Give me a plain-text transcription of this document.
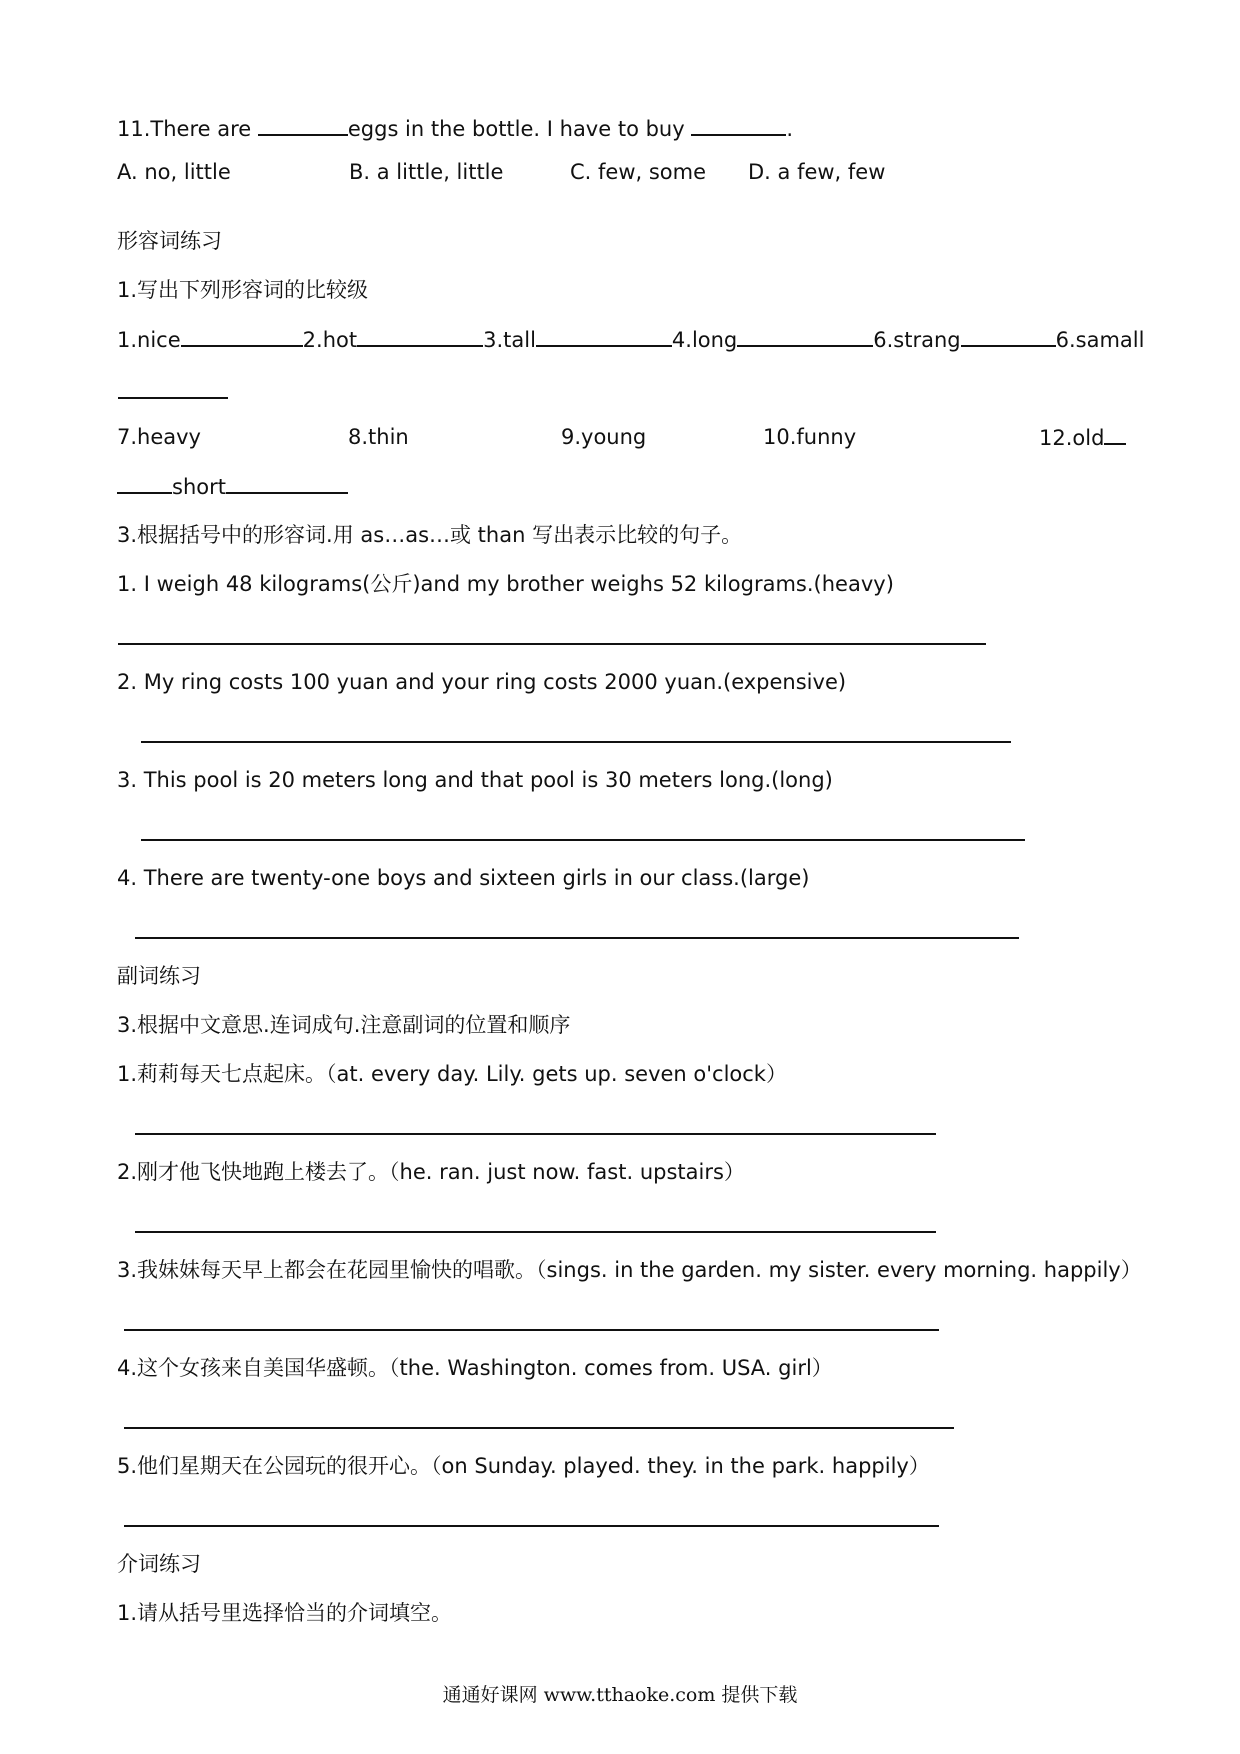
11.There are	eggs in the bottle. I have to buy	.
A. no, little	B. a little, little	C. few, some D. a few, few
形容词练习
1.写出下列形容词的比较级
1.nice	2.hot	3.tall	4.long	6.strang	6.samall
7.heavy	8.thin	9.young	10.funny	12.old
short
3.根据括号中的形容词.用 as…as…或 than 写出表示比较的句子。
1. I weigh 48 kilograms(公斤)and my brother weighs 52 kilograms.(heavy)
2. My ring costs 100 yuan and your ring costs 2000 yuan.(expensive)
3. This pool is 20 meters long and that pool is 30 meters long.(long)
4. There are twenty-one boys and sixteen girls in our class.(large)
副词练习
3.根据中文意思.连词成句.注意副词的位置和顺序
1.莉莉每天七点起床。（at. every day. Lily. gets up. seven o'clock）
2.刚才他飞快地跑上楼去了。（he. ran. just now. fast. upstairs）
3.我妹妹每天早上都会在花园里愉快的唱歌。（sings. in the garden. my sister. every morning. happily）
4.这个女孩来自美国华盛顿。（the. Washington. comes from. USA. girl）
5.他们星期天在公园玩的很开心。（on Sunday. played. they. in the park. happily）
介词练习
1.请从括号里选择恰当的介词填空。
通通好课网 www.tthaoke.com 提供下载
